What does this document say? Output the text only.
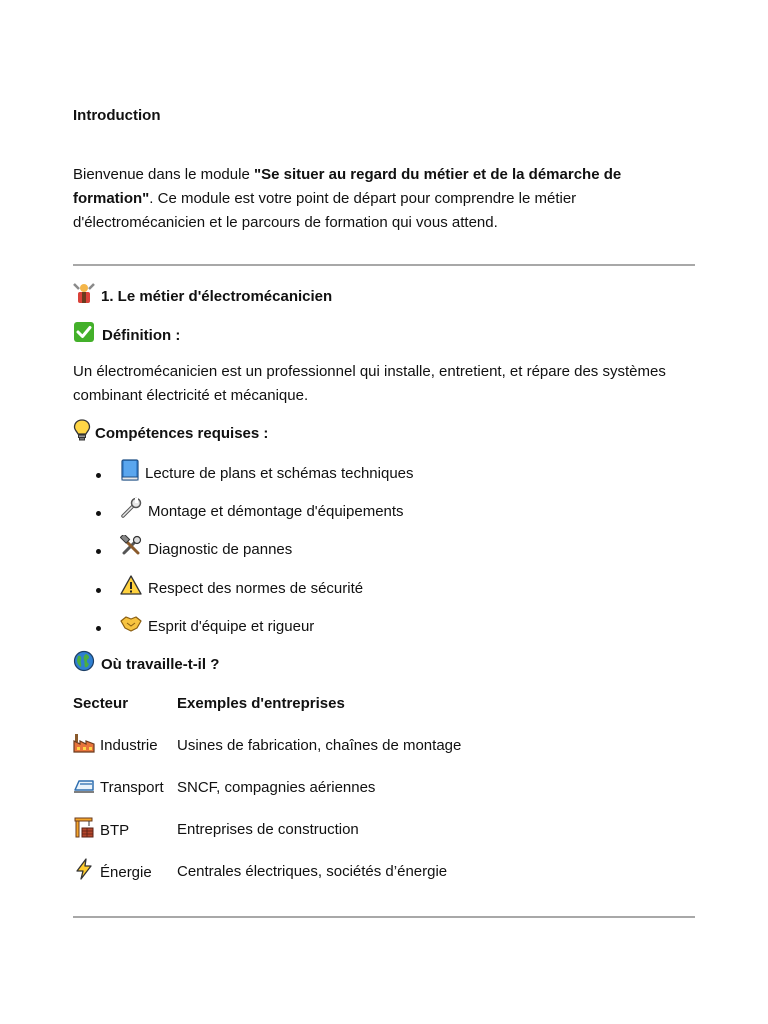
Introduction
Bienvenue dans le module "Se situer au regard du métier et de la démarche de formation". Ce module est votre point de départ pour comprendre le métier d'électromécanicien et le parcours de formation qui vous attend.
1. Le métier d'électromécanicien
Définition :
Un électromécanicien est un professionnel qui installe, entretient, et répare des systèmes combinant électricité et mécanique.
Compétences requises :
Lecture de plans et schémas techniques
Montage et démontage d'équipements
Diagnostic de pannes
Respect des normes de sécurité
Esprit d'équipe et rigueur
Où travaille-t-il ?
Secteur	Exemples d'entreprises
Industrie Usines de fabrication, chaînes de montage
Transport SNCF, compagnies aériennes
BTP	Entreprises de construction
Énergie Centrales électriques, sociétés d’énergie
